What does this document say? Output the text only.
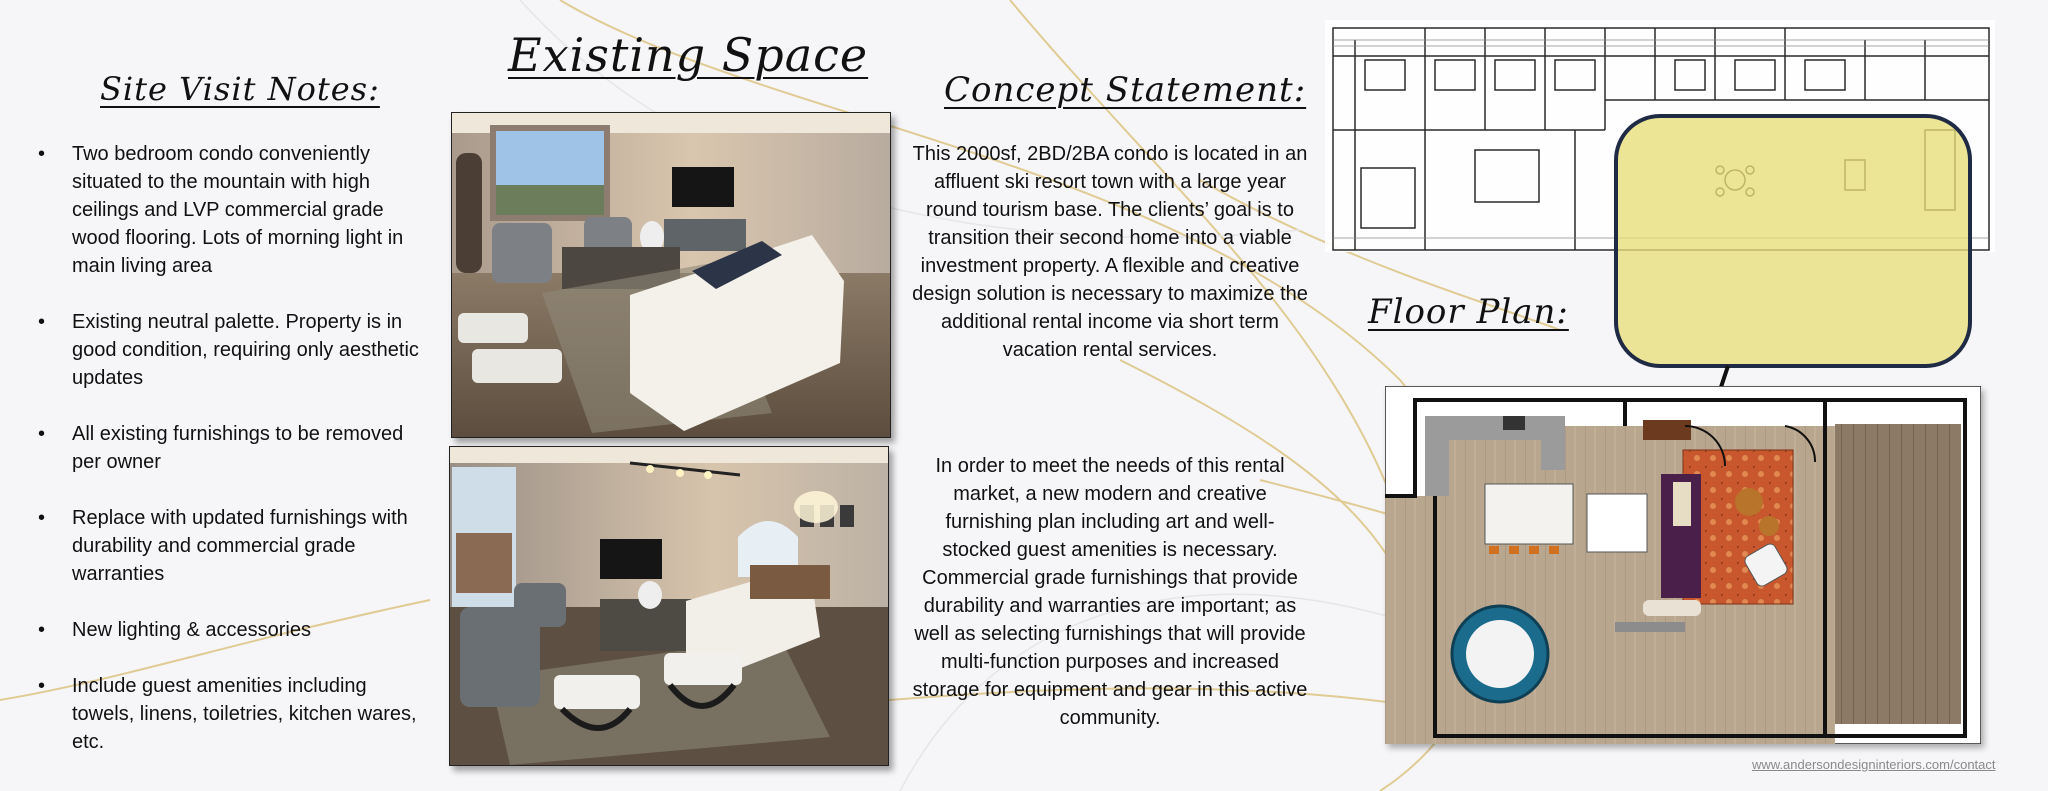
Site Visit Notes:
Existing Space
Concept Statement:
Floor Plan:
• Two bedroom condo conveniently situated to the mountain with high ceilings and LVP commercial grade wood flooring. Lots of morning light in main living area
• Existing neutral palette. Property is in good condition, requiring only aesthetic updates
• All existing furnishings to be removed per owner
• Replace with updated furnishings with durability and commercial grade warranties
• New lighting & accessories
• Include guest amenities including towels, linens, toiletries, kitchen wares, etc.

This 2000sf, 2BD/2BA condo is located in an affluent ski resort town with a large year round tourism base. The clients’ goal is to transition their second home into a viable investment property. A flexible and creative design solution is necessary to maximize the additional rental income via short term vacation rental services.

In order to meet the needs of this rental market, a new modern and creative furnishing plan including art and well-stocked guest amenities is necessary. Commercial grade furnishings that provide durability and warranties are important; as well as selecting furnishings that will provide multi-function purposes and increased storage for equipment and gear in this active community.

www.andersondesigninteriors.com/contact
